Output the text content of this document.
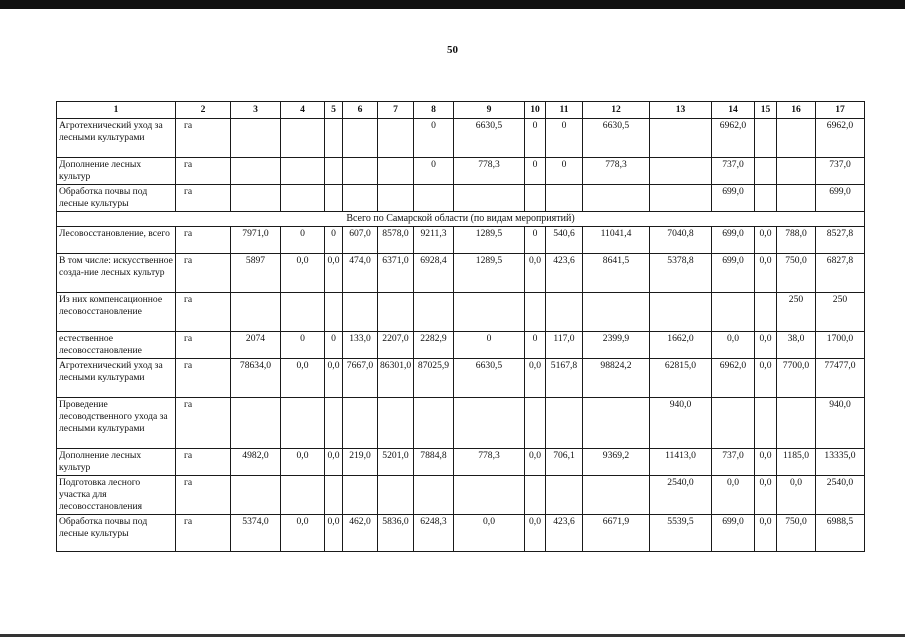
50
1	2	3	4	5	6	7	8	9	10	11	12	13	14	15	16	17
Агротехнический уход за лесными культурами	га						0	6630,5	0	0	6630,5		6962,0			6962,0
Дополнение лесных культур	га						0	778,3	0	0	778,3		737,0			737,0
Обработка почвы под лесные культуры	га												699,0			699,0
Всего по Самарской области (по видам мероприятий)																
Лесовосстановление, всего	га	7971,0	0	0	607,0	8578,0	9211,3	1289,5	0	540,6	11041,4	7040,8	699,0	0,0	788,0	8527,8
В том числе: искусственное созда-ние лесных культур	га	5897	0,0	0,0	474,0	6371,0	6928,4	1289,5	0,0	423,6	8641,5	5378,8	699,0	0,0	750,0	6827,8
Из них компенсационное лесовосстановление	га														250	250
естественное лесовосстановление	га	2074	0	0	133,0	2207,0	2282,9	0	0	117,0	2399,9	1662,0	0,0	0,0	38,0	1700,0
Агротехнический уход за лесными культурами	га	78634,0	0,0	0,0	7667,0	86301,0	87025,9	6630,5	0,0	5167,8	98824,2	62815,0	6962,0	0,0	7700,0	77477,0
Проведение лесоводственного ухода за лесными культурами	га											940,0				940,0
Дополнение лесных культур	га	4982,0	0,0	0,0	219,0	5201,0	7884,8	778,3	0,0	706,1	9369,2	11413,0	737,0	0,0	1185,0	13335,0
Подготовка лесного участка для лесовосстановления	га											2540,0	0,0	0,0	0,0	2540,0
Обработка почвы под лесные культуры	га	5374,0	0,0	0,0	462,0	5836,0	6248,3	0,0	0,0	423,6	6671,9	5539,5	699,0	0,0	750,0	6988,5
